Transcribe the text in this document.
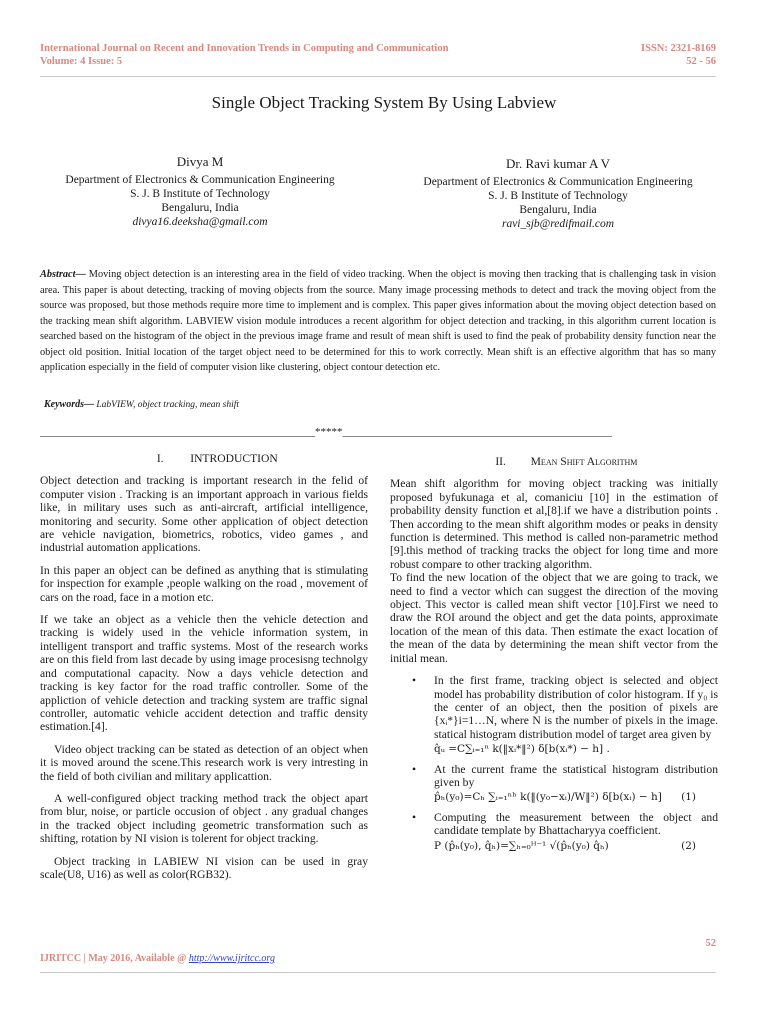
International Journal on Recent and Innovation Trends in Computing and Communication
Volume: 4 Issue: 5
ISSN: 2321-8169
52 - 56
Single Object Tracking System By Using Labview
Divya M
Department of Electronics & Communication Engineering
S. J. B Institute of Technology
Bengaluru, India
divya16.deeksha@gmail.com
Dr. Ravi kumar A V
Department of Electronics & Communication Engineering
S. J. B Institute of Technology
Bengaluru, India
ravi_sjb@redifmail.com
Abstract— Moving object detection is an interesting area in the field of video tracking. When the object is moving then tracking that is challenging task in vision area. This paper is about detecting, tracking of moving objects from the source. Many image processing methods to detect and track the moving object from the source was proposed, but those methods require more time to implement and is complex. This paper gives information about the moving object detection based on the tracking mean shift algorithm. LABVIEW vision module introduces a recent algorithm for object detection and tracking, in this algorithm current location is searched based on the histogram of the object in the previous image frame and result of mean shift is used to find the peak of probability density function near the object old position. Initial location of the target object need to be determined for this to work correctly. Mean shift is an effective algorithm that has so many application especially in the field of computer vision like clustering, object contour detection etc.
Keywords— LabVIEW, object tracking, mean shift
__________________________________________________*****_________________________________________________
I. INTRODUCTION

Object detection and tracking is important research in the felid of computer vision . Tracking is an important approach in various fields like, in military uses such as anti-aircraft, artificial intelligence, monitoring and security. Some other application of object detection are vehicle navigation, biometrics, robotics, video games , and industrial automation applications.

In this paper an object can be defined as anything that is stimulating for inspection for example ,people walking on the road , movement of cars on the road, face in a motion etc.

If we take an object as a vehicle then the vehicle detection and tracking is widely used in the vehicle information system, in intelligent transport and traffic systems. Most of the research works are on this field from last decade by using image procesisng technolgy and computational capacity. Now a days vehicle detection and tracking is key factor for the road traffic controller. Some of the appliction of vehicle detection and tracking system are traffic signal controller, automatic vehicle accident detection and traffic density estimation.[4].

Video object tracking can be stated as detection of an object when it is moved around the scene.This research work is very intresting in the field of both civilian and military applicattion.

A well-configured object tracking method track the object apart from blur, noise, or particle occusion of object . any gradual changes in the tracked object including geometric transformation such as shifting, rotation by NI vision is tolerent for object tracking.

Object tracking in LABIEW NI vision can be used in gray scale(U8, U16) as well as color(RGB32).

II. Mean Shift Algorithm

Mean shift algorithm for moving object tracking was initially proposed byfukunaga et al, comaniciu [10] in the estimation of probability density function et al,[8].if we have a distribution points . Then according to the mean shift algorithm modes or peaks in density function is determined. This method is called non-parametric method [9].this method of tracking tracks the object for long time and more robust compare to other tracking algorithm.

To find the new location of the object that we are going to track, we need to find a vector which can suggest the direction of the moving object. This vector is called mean shift vector [10].First we need to draw the ROI around the object and get the data points, approximate location of the mean of this data. Then estimate the exact location of the mean of the data by determining the mean shift vector from the initial mean.

• In the first frame, tracking object is selected and object model has probability distribution of color histogram. If y₀ is the center of an object, then the position of pixels are {xᵢ*}i=1…N, where N is the number of pixels in the image. statical histogram distribution model of target area given by
q̂ᵤ =C∑ᵢ₌₁ⁿ k(‖xᵢ*‖²) δ[b(xᵢ*) − h] .
• At the current frame the statistical histogram distribution given by
p̂ₕ(y₀)=Cₕ ∑ᵢ₌₁ⁿʰ k(‖(y₀−xᵢ)/W‖²) δ[b(xᵢ) − h] (1)
• Computing the measurement between the object and candidate template by Bhattacharyya coefficient.
P (p̂ₕ(y₀), q̂ₕ)=∑ₕ₌₀ᴴ⁻¹ √(p̂ₕ(y₀) q̂ₕ)	(2)
52
IJRITCC | May 2016, Available @ http://www.ijritcc.org
